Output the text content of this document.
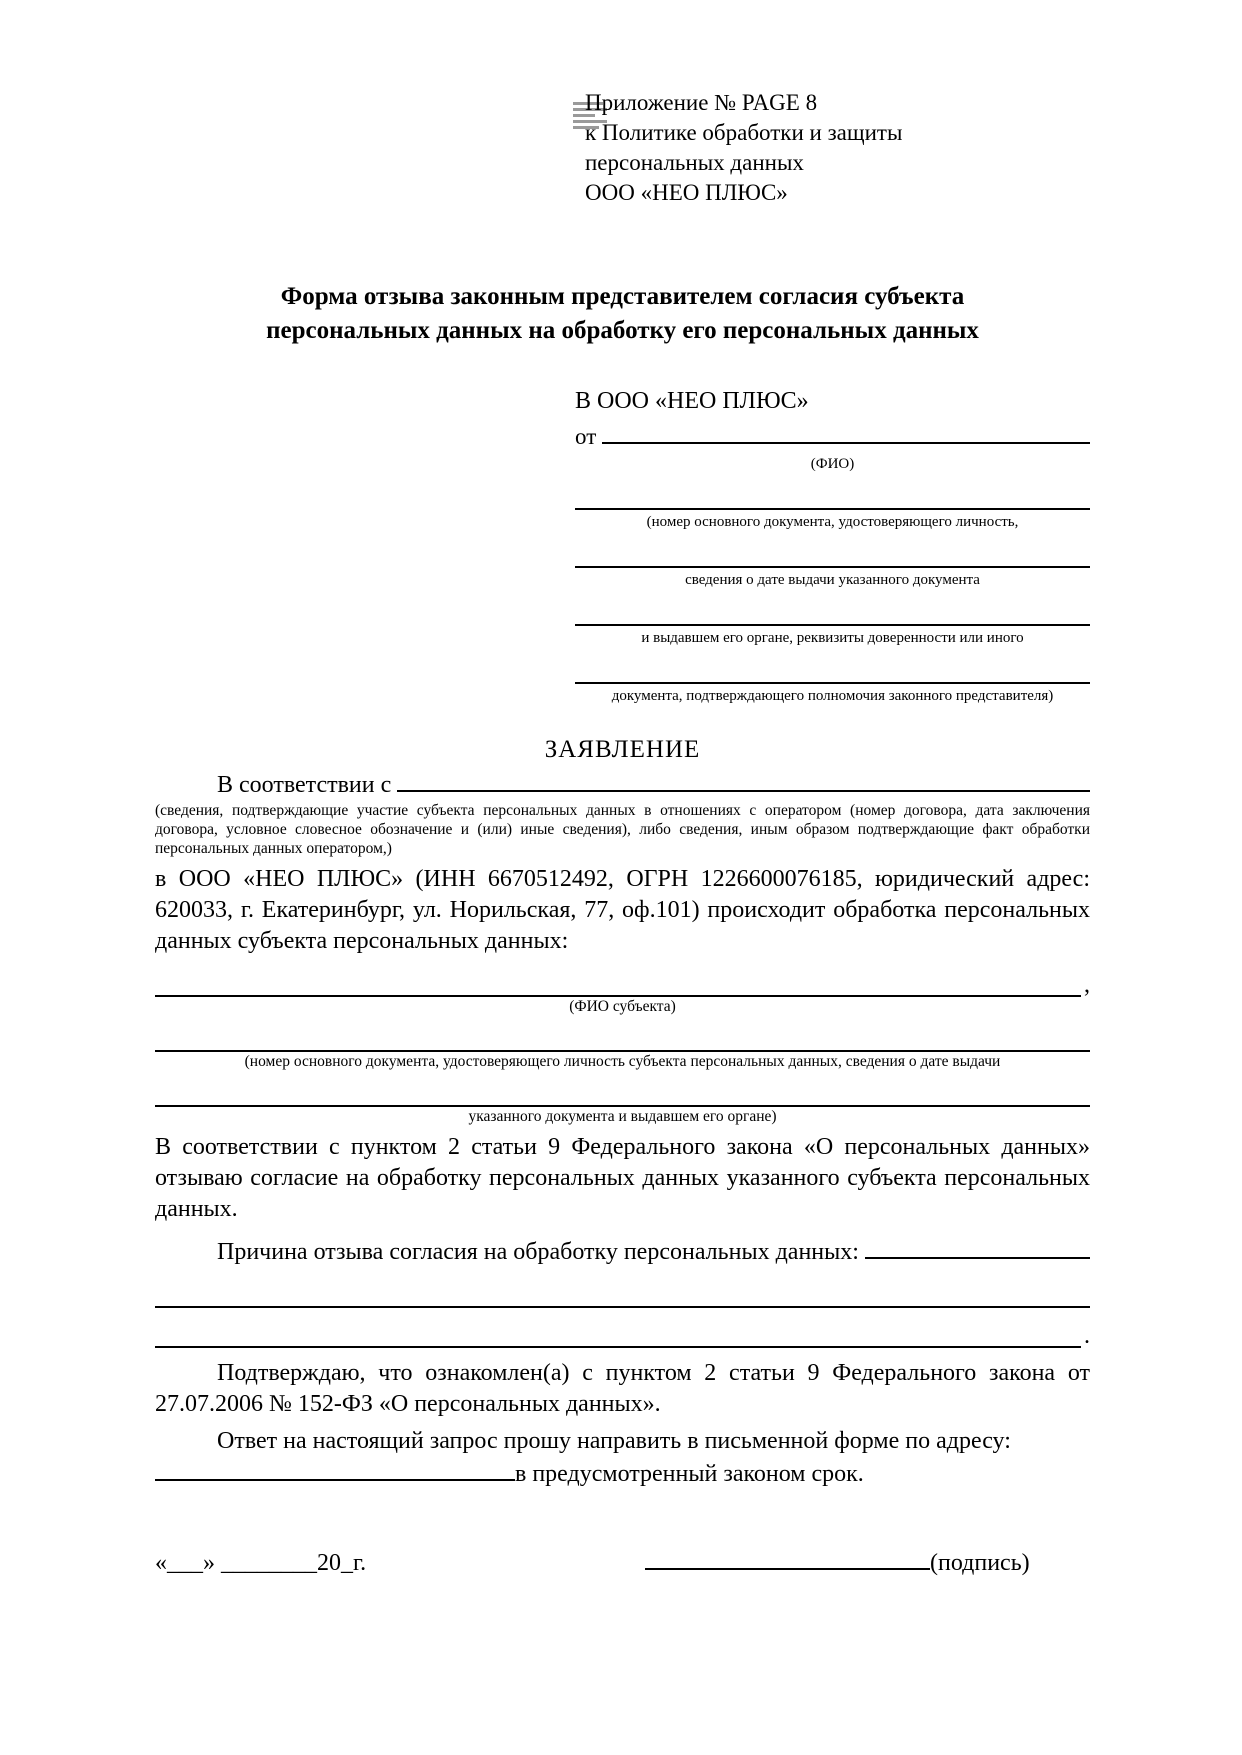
Приложение № PAGE 8
к Политике обработки и защиты
персональных данных
ООО «НЕО ПЛЮС»
Форма отзыва законным представителем согласия субъекта
персональных данных на обработку его персональных данных
В ООО «НЕО ПЛЮС»
от
(ФИО)
(номер основного документа, удостоверяющего личность,
сведения о дате выдачи указанного документа
и выдавшем его органе, реквизиты доверенности или иного
документа, подтверждающего полномочия законного представителя)
ЗАЯВЛЕНИЕ
В соответствии с
(сведения, подтверждающие участие субъекта персональных данных в отношениях с оператором (номер договора, дата заключения договора, условное словесное обозначение и (или) иные сведения), либо сведения, иным образом подтверждающие факт обработки персональных данных оператором,)
в ООО «НЕО ПЛЮС» (ИНН 6670512492, ОГРН 1226600076185, юридический адрес: 620033, г. Екатеринбург, ул. Норильская, 77, оф.101) происходит обработка персональных данных субъекта персональных данных:
,
(ФИО субъекта)
(номер основного документа, удостоверяющего личность субъекта персональных данных, сведения о дате выдачи
указанного документа и выдавшем его органе)
В соответствии с пунктом 2 статьи 9 Федерального закона «О персональных данных» отзываю согласие на обработку персональных данных указанного субъекта персональных данных.
Причина отзыва согласия на обработку персональных данных:
.
Подтверждаю, что ознакомлен(а) с пунктом 2 статьи 9 Федерального закона от 27.07.2006 № 152-ФЗ «О персональных данных».
Ответ на настоящий запрос прошу направить в письменной форме по адресу:
в предусмотренный законом срок.
«___» ________20_г.	(подпись)
